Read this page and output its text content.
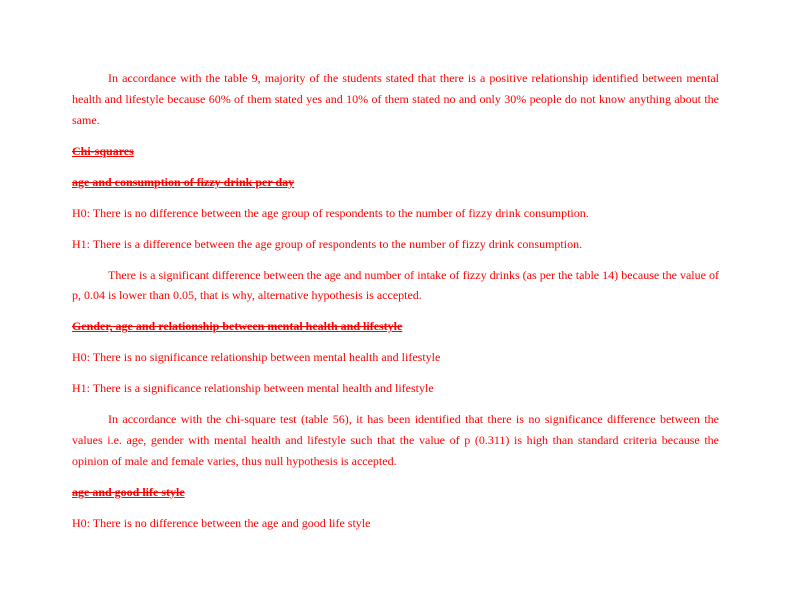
In accordance with the table 9, majority of the students stated that there is a positive relationship identified between mental health and lifestyle because 60% of them stated yes and 10% of them stated no and only 30% people do not know anything about the same.

Chi-squares

age and consumption of fizzy drink per day

H0: There is no difference between the age group of respondents to the number of fizzy drink consumption.

H1: There is a difference between the age group of respondents to the number of fizzy drink consumption.

There is a significant difference between the age and number of intake of fizzy drinks (as per the table 14) because the value of p, 0.04 is lower than 0.05, that is why, alternative hypothesis is accepted.

Gender, age and relationship between mental health and lifestyle

H0: There is no significance relationship between mental health and lifestyle

H1: There is a significance relationship between mental health and lifestyle

In accordance with the chi-square test (table 56), it has been identified that there is no significance difference between the values i.e. age, gender with mental health and lifestyle such that the value of p (0.311) is high than standard criteria because the opinion of male and female varies, thus null hypothesis is accepted.

age and good life style

H0: There is no difference between the age and good life style
